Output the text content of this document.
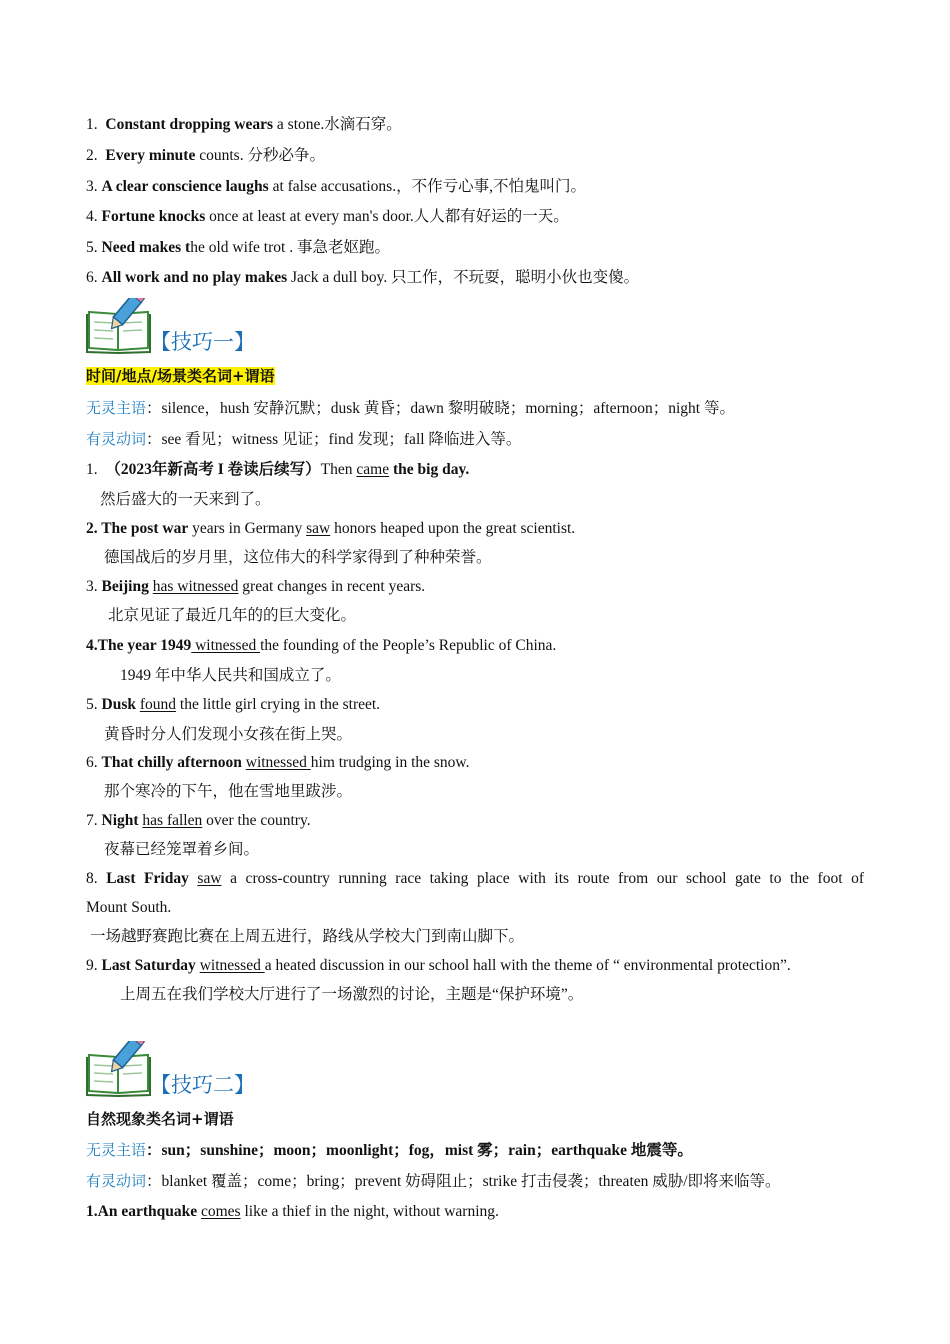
1. Constant dropping wears a stone.水滴石穿。
2. Every minute counts. 分秒必争。
3. A clear conscience laughs at false accusations.，不作亏心事,不怕鬼叫门。
4. Fortune knocks once at least at every man's door.人人都有好运的一天。
5. Need makes the old wife trot . 事急老妪跑。
6. All work and no play makes Jack a dull boy. 只工作，不玩耍，聪明小伙也变傻。
【技巧一】
时间/地点/场景类名词+谓语
无灵主语：silence，hush 安静沉默；dusk 黄昏；dawn 黎明破晓；morning；afternoon；night 等。
有灵动词：see 看见；witness 见证；find 发现；fall 降临进入等。
1. （2023年新高考 I 卷读后续写）Then came the big day.
然后盛大的一天来到了。
2. The post war years in Germany saw honors heaped upon the great scientist.
德国战后的岁月里，这位伟大的科学家得到了种种荣誉。
3. Beijing has witnessed great changes in recent years.
北京见证了最近几年的的巨大变化。
4.The year 1949 witnessed the founding of the People’s Republic of China.
1949 年中华人民共和国成立了。
5. Dusk found the little girl crying in the street.
黄昏时分人们发现小女孩在街上哭。
6. That chilly afternoon witnessed him trudging in the snow.
那个寒冷的下午，他在雪地里跋涉。
7. Night has fallen over the country.
夜幕已经笼罩着乡间。
8. Last Friday saw a cross-country running race taking place with its route from our school gate to the foot of
Mount South.
一场越野赛跑比赛在上周五进行，路线从学校大门到南山脚下。
9. Last Saturday witnessed a heated discussion in our school hall with the theme of “ environmental protection”.
上周五在我们学校大厅进行了一场激烈的讨论，主题是“保护环境”。
【技巧二】
自然现象类名词+谓语
无灵主语：sun；sunshine；moon；moonlight；fog，mist 雾；rain；earthquake 地震等。
有灵动词：blanket 覆盖；come；bring；prevent 妨碍阻止；strike 打击侵袭；threaten 威胁/即将来临等。
1.An earthquake comes like a thief in the night, without warning.
